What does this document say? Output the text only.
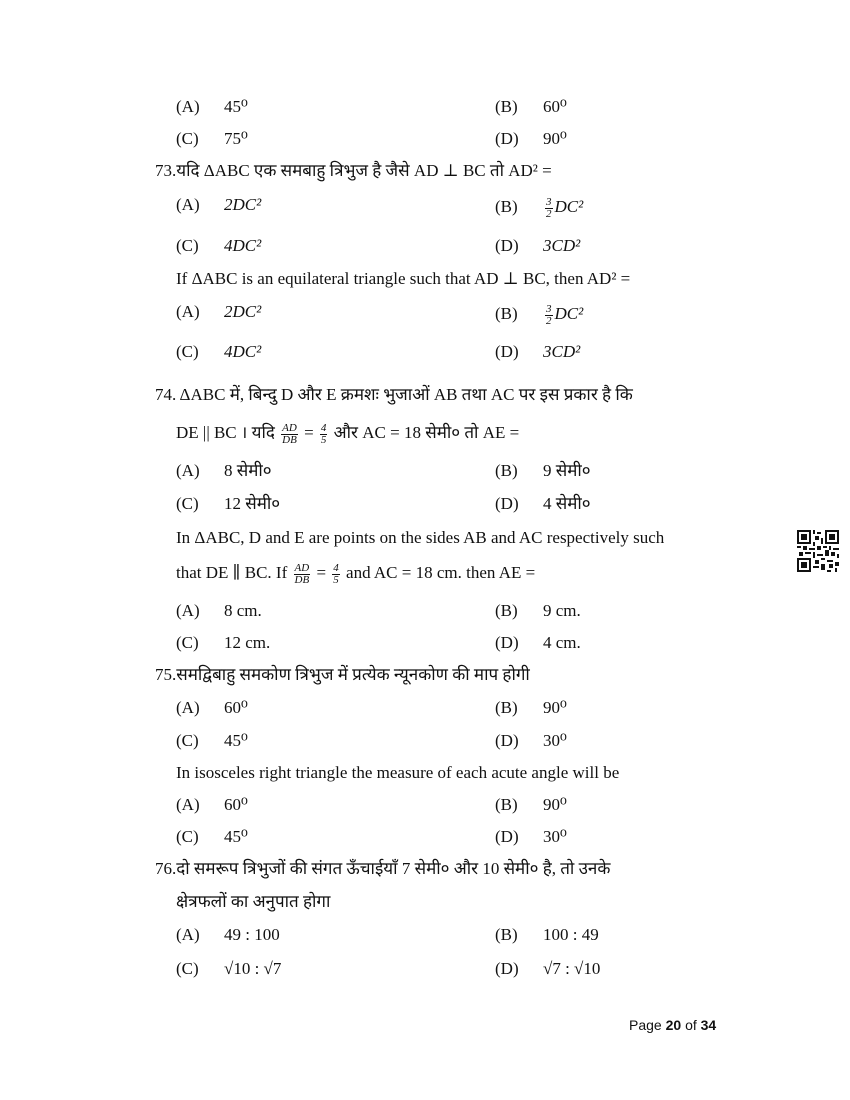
(A) 45⁰	(B) 60⁰
(C) 75⁰	(D) 90⁰
73.यदि ΔABC एक समबाहु त्रिभुज है जैसे AD ⊥ BC तो AD² =
(A) 2DC²	$(B) \frac{3}{2} DC^2$
(C) 4DC²	(D) 3CD²
If ΔABC is an equilateral triangle such that AD ⊥ BC, then AD² =
(A) 2DC²	$(B) \frac{3}{2} DC^2$
(C) 4DC²	(D) 3CD²
74. ΔABC में, बिन्दु D और E क्रमशः भुजाओं AB तथा AC पर इस प्रकार है कि
DE || BC । यदि $\frac{AD}{DB} = \frac{4}{5}$ और AC = 18 सेमी० तो AE =
(A) 8 सेमी०	(B) 9 सेमी०
(C) 12 सेमी०	(D) 4 सेमी०
In ΔABC, D and E are points on the sides AB and AC respectively such
that DE ∥ BC. If $\frac{AD}{DB} = \frac{4}{5}$ and AC = 18 cm. then AE =
(A) 8 cm.	(B) 9 cm.
(C) 12 cm.	(D) 4 cm.
75.समद्विबाहु समकोण त्रिभुज में प्रत्येक न्यूनकोण की माप होगी
(A) 60⁰	(B) 90⁰
(C) 45⁰	(D) 30⁰
In isosceles right triangle the measure of each acute angle will be
(A) 60⁰	(B) 90⁰
(C) 45⁰	(D) 30⁰
76.दो समरूप त्रिभुजों की संगत ऊँचाईयाँ 7 सेमी० और 10 सेमी० है, तो उनके
क्षेत्रफलों का अनुपात होगा
(A) 49 : 100	(B) 100 : 49
(C) √10 : √7	(D) √7 : √10
Page 20 of 34
